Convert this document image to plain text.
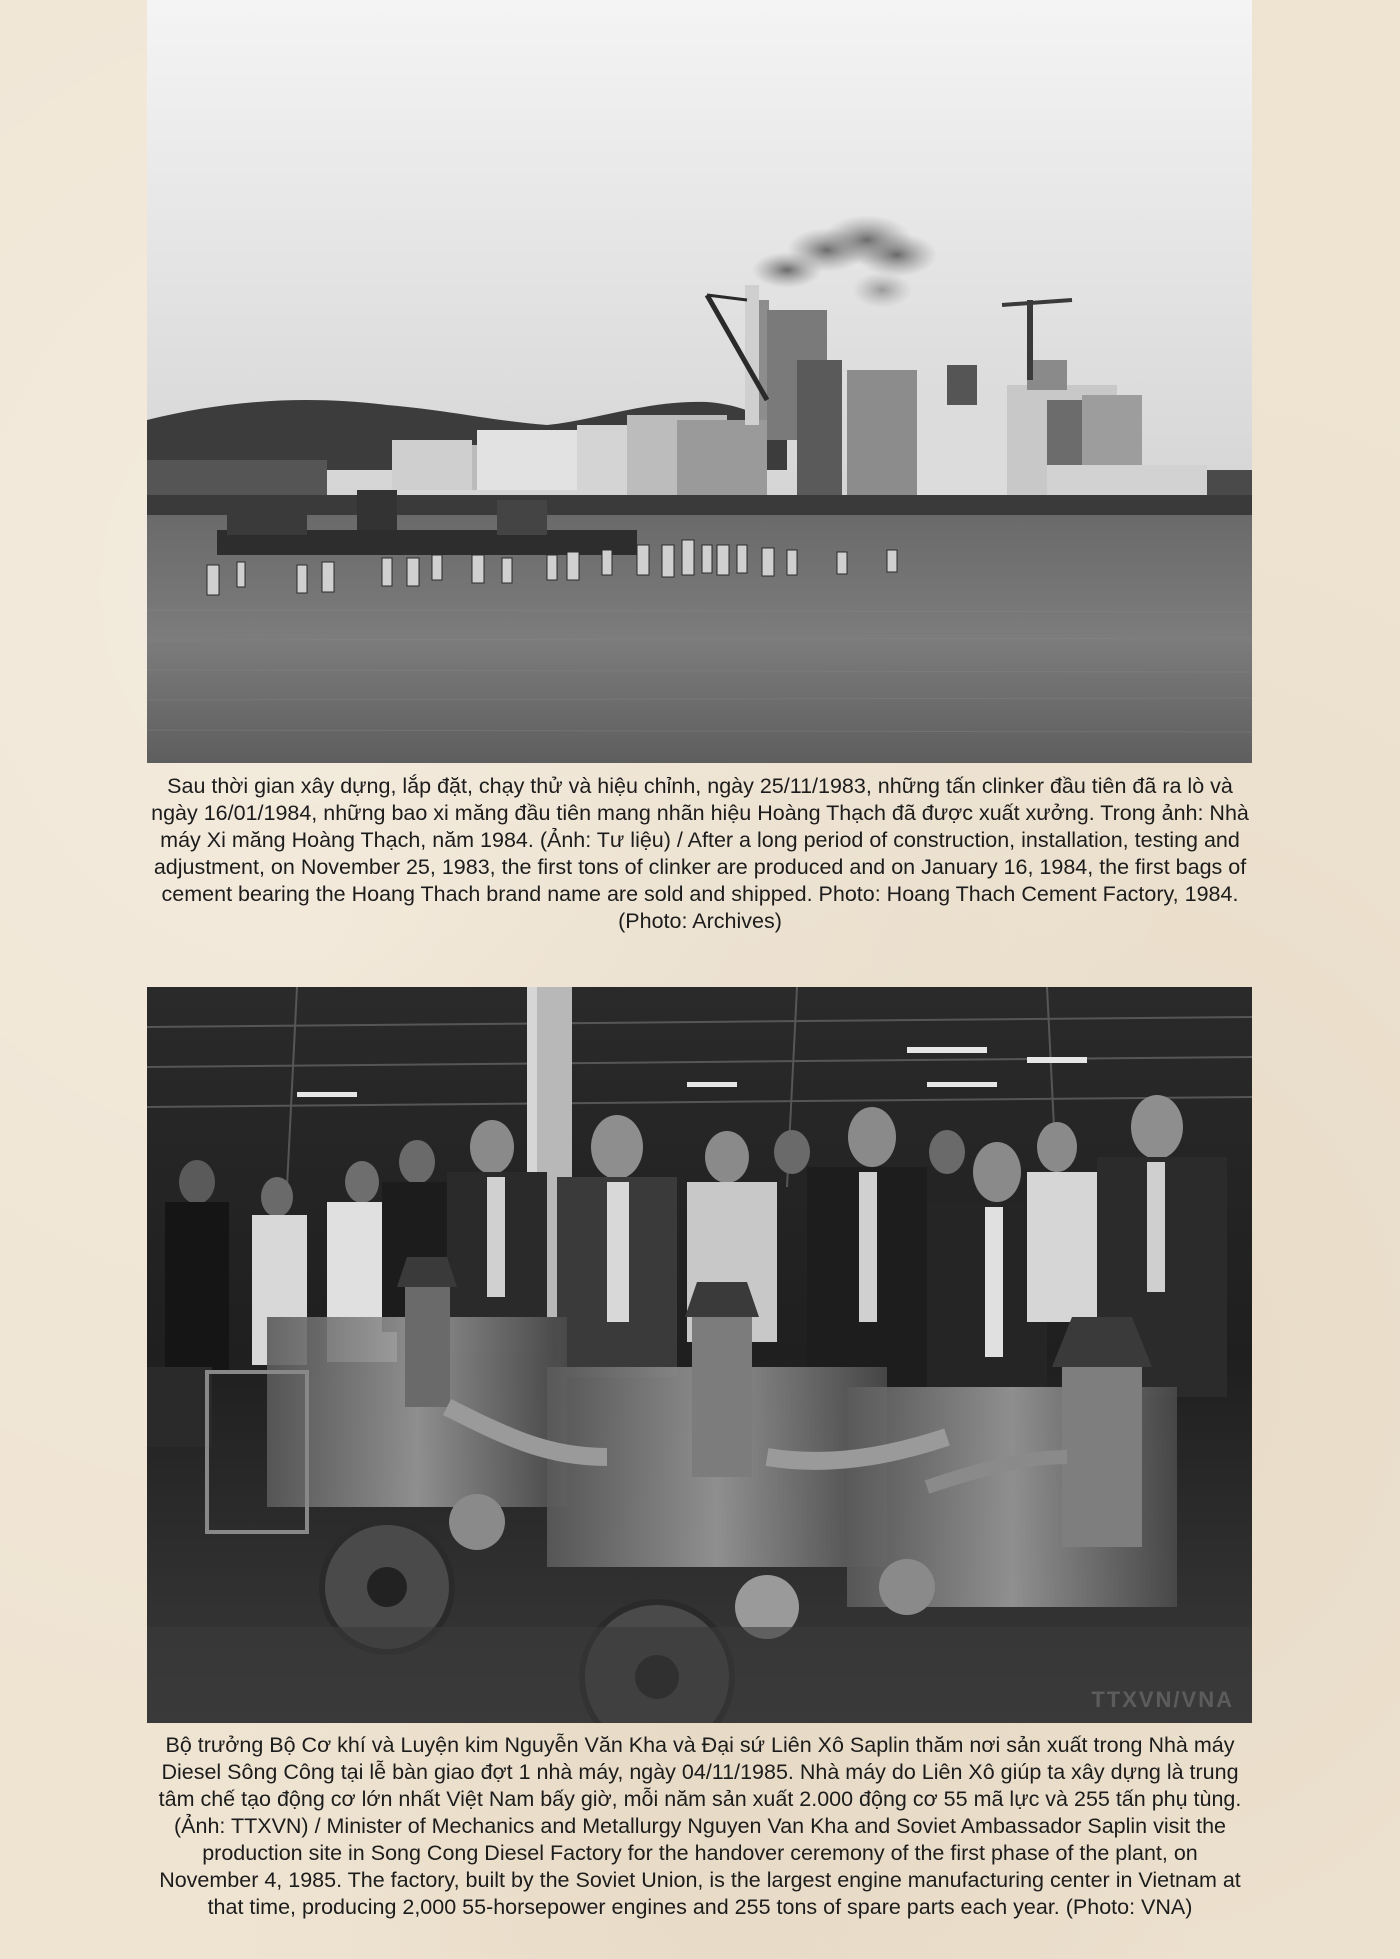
Sau thời gian xây dựng, lắp đặt, chạy thử và hiệu chỉnh, ngày 25/11/1983, những tấn clinker đầu tiên đã ra lò và ngày 16/01/1984, những bao xi măng đầu tiên mang nhãn hiệu Hoàng Thạch đã được xuất xưởng. Trong ảnh: Nhà máy Xi măng Hoàng Thạch, năm 1984. (Ảnh: Tư liệu) / After a long period of construction, installation, testing and adjustment, on November 25, 1983, the first tons of clinker are produced and on January 16, 1984, the first bags of cement bearing the Hoang Thach brand name are sold and shipped. Photo: Hoang Thach Cement Factory, 1984. (Photo: Archives)
TTXVN/VNA
Bộ trưởng Bộ Cơ khí và Luyện kim Nguyễn Văn Kha và Đại sứ Liên Xô Saplin thăm nơi sản xuất trong Nhà máy Diesel Sông Công tại lễ bàn giao đợt 1 nhà máy, ngày 04/11/1985. Nhà máy do Liên Xô giúp ta xây dựng là trung tâm chế tạo động cơ lớn nhất Việt Nam bấy giờ, mỗi năm sản xuất 2.000 động cơ 55 mã lực và 255 tấn phụ tùng. (Ảnh: TTXVN) / Minister of Mechanics and Metallurgy Nguyen Van Kha and Soviet Ambassador Saplin visit the production site in Song Cong Diesel Factory for the handover ceremony of the first phase of the plant, on November 4, 1985. The factory, built by the Soviet Union, is the largest engine manufacturing center in Vietnam at that time, producing 2,000 55-horsepower engines and 255 tons of spare parts each year. (Photo: VNA)
